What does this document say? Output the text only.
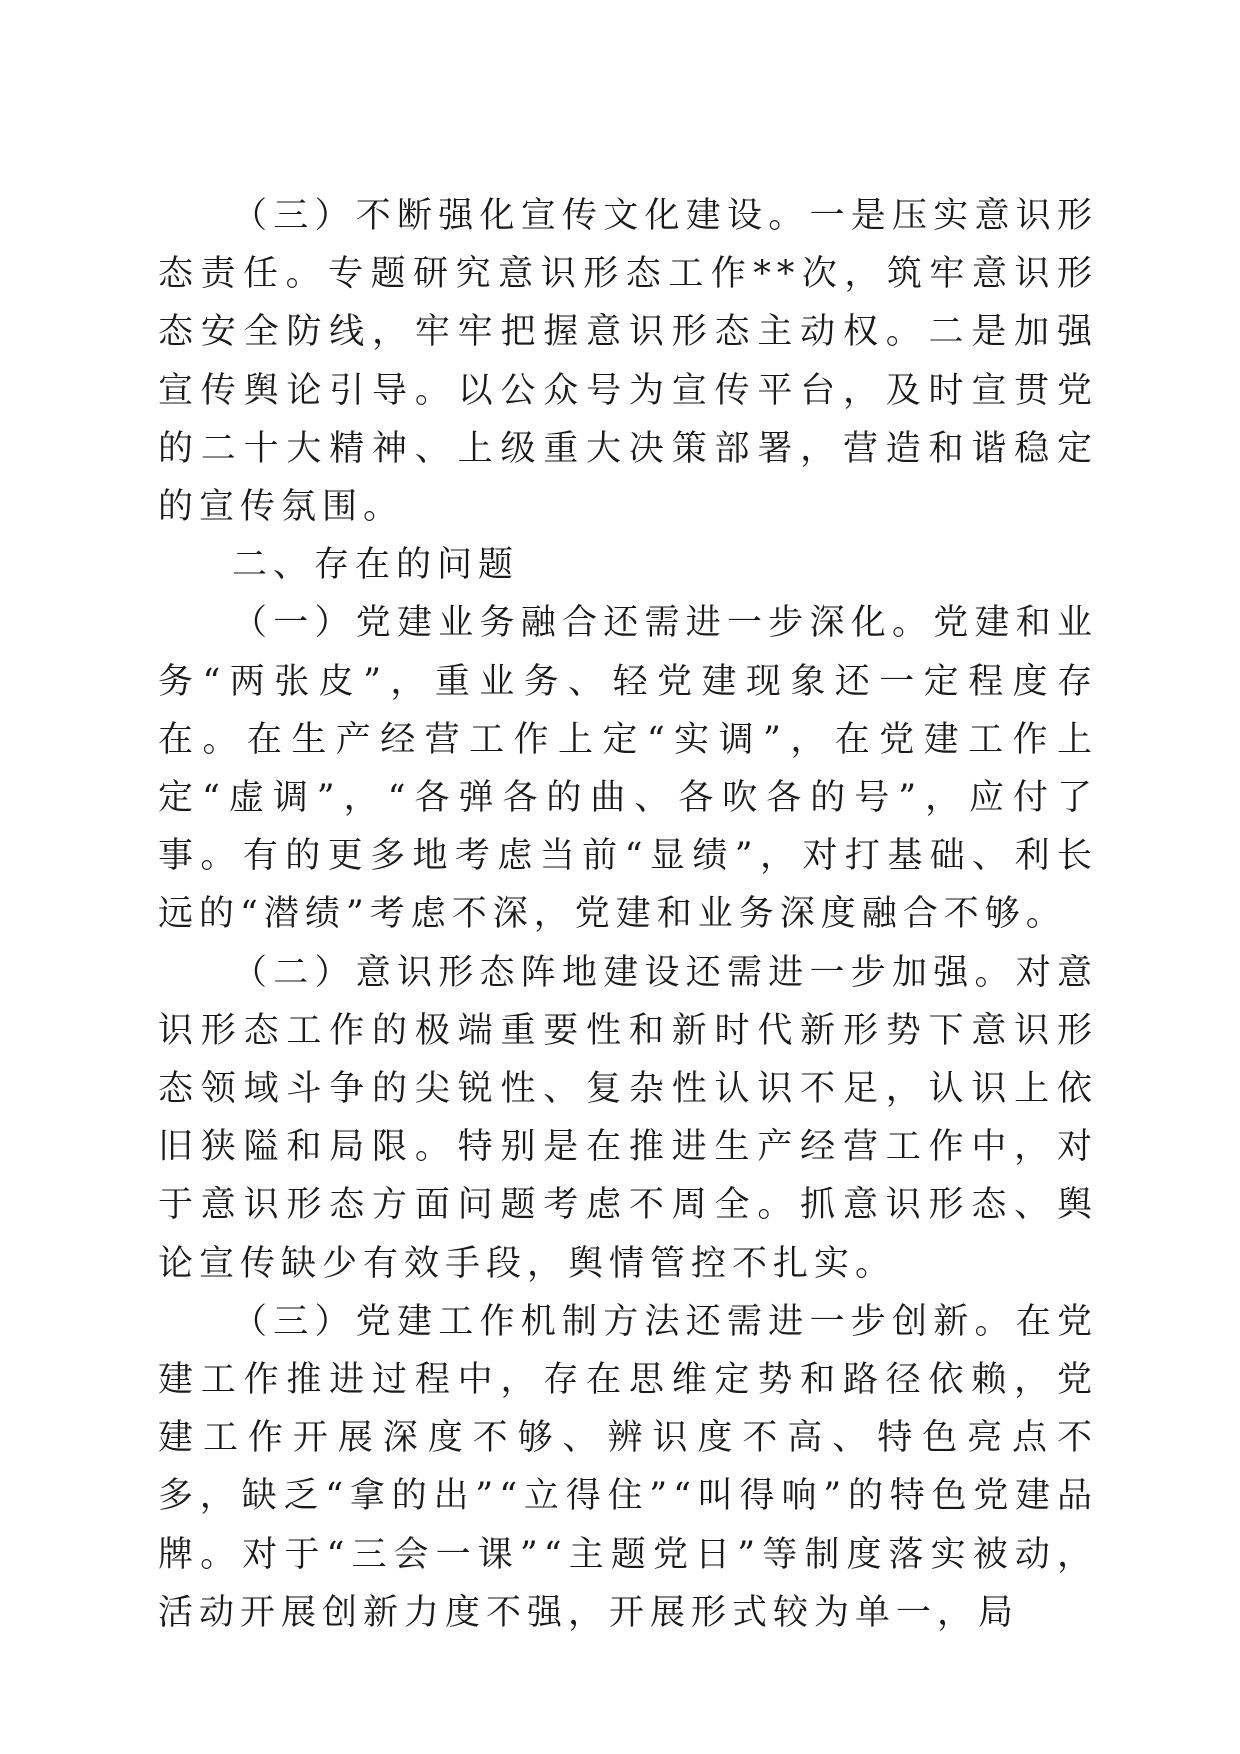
（三）不断强化宣传文化建设。一是压实意识形态责任。专题研究意识形态工作**次，筑牢意识形态安全防线，牢牢把握意识形态主动权。二是加强宣传舆论引导。以公众号为宣传平台，及时宣贯党的二十大精神、上级重大决策部署，营造和谐稳定的宣传氛围。

二、存在的问题

（一）党建业务融合还需进一步深化。党建和业务“两张皮”，重业务、轻党建现象还一定程度存在。在生产经营工作上定“实调”，在党建工作上定“虚调”，“各弹各的曲、各吹各的号”，应付了事。有的更多地考虑当前“显绩”，对打基础、利长远的“潜绩”考虑不深，党建和业务深度融合不够。

（二）意识形态阵地建设还需进一步加强。对意识形态工作的极端重要性和新时代新形势下意识形态领域斗争的尖锐性、复杂性认识不足，认识上依旧狭隘和局限。特别是在推进生产经营工作中，对于意识形态方面问题考虑不周全。抓意识形态、舆论宣传缺少有效手段，舆情管控不扎实。

（三）党建工作机制方法还需进一步创新。在党建工作推进过程中，存在思维定势和路径依赖，党建工作开展深度不够、辨识度不高、特色亮点不多，缺乏“拿的出”“立得住”“叫得响”的特色党建品牌。对于“三会一课”“主题党日”等制度落实被动，活动开展创新力度不强，开展形式较为单一，局
